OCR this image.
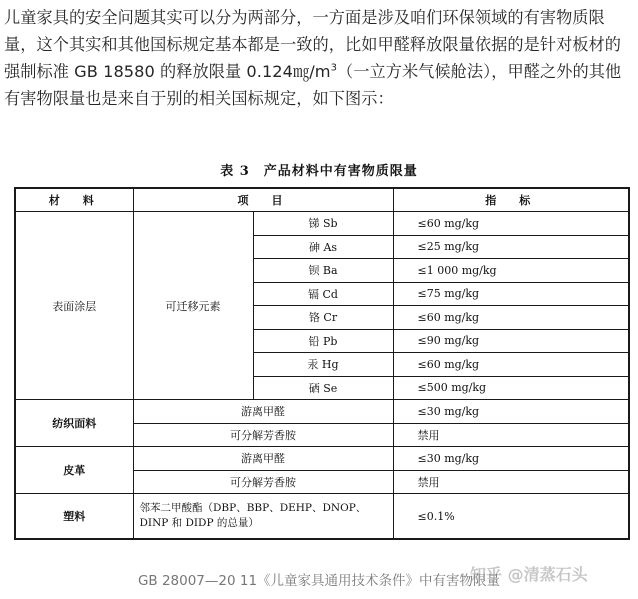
儿童家具的安全问题其实可以分为两部分，一方面是涉及咱们环保领域的有害物质限量，这个其实和其他国标规定基本都是一致的，比如甲醛释放限量依据的是针对板材的强制标准 GB 18580 的释放限量 $0.124㎎/m^3$（一立方米气候舱法），甲醛之外的其他有害物限量也是来自于别的相关国标规定，如下图示：

表 3　产品材料中有害物质限量
材　料	项　目		指　标
表面涂层	可迁移元素	锑 Sb	≤60 mg/kg
		砷 As	≤25 mg/kg
		钡 Ba	≤1 000 mg/kg
		镉 Cd	≤75 mg/kg
		铬 Cr	≤60 mg/kg
		铅 Pb	≤90 mg/kg
		汞 Hg	≤60 mg/kg
		硒 Se	≤500 mg/kg
纺织面料	游离甲醛		≤30 mg/kg
	可分解芳香胺		禁用
皮革	游离甲醛		≤30 mg/kg
	可分解芳香胺		禁用
塑料	邻苯二甲酸酯（DBP、BBP、DEHP、DNOP、DINP 和 DIDP 的总量）		≤0.1%
GB 28007—20 11《儿童家具通用技术条件》中有害物限量
知乎 @清蒸石头
